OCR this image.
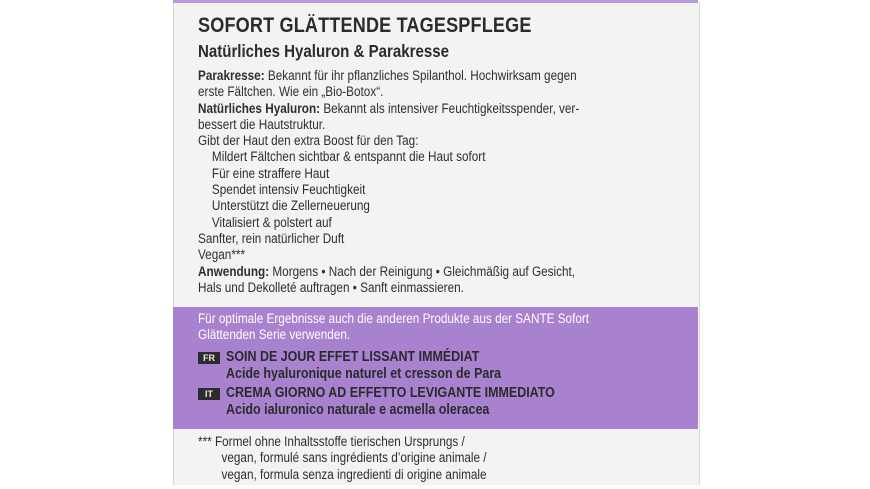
SOFORT GLÄTTENDE TAGESPFLEGE
Natürliches Hyaluron & Parakresse

Parakresse: Bekannt für ihr pflanzliches Spilanthol. Hochwirksam gegen

erste Fältchen. Wie ein „Bio-Botox“.

Natürliches Hyaluron: Bekannt als intensiver Feuchtigkeitsspender, ver-

bessert die Hautstruktur.

Gibt der Haut den extra Boost für den Tag:

Mildert Fältchen sichtbar & entspannt die Haut sofort

Für eine straffere Haut

Spendet intensiv Feuchtigkeit

Unterstützt die Zellerneuerung

Vitalisiert & polstert auf

Sanfter, rein natürlicher Duft

Vegan***

Anwendung: Morgens • Nach der Reinigung • Gleichmäßig auf Gesicht,

Hals und Dekolleté auftragen • Sanft einmassieren.

Für optimale Ergebnisse auch die anderen Produkte aus der SANTE Sofort

Glättenden Serie verwenden.

FR SOIN DE JOUR EFFET LISSANT IMMÉDIAT
Acide hyaluronique naturel et cresson de Para
IT CREMA GIORNO AD EFFETTO LEVIGANTE IMMEDIATO
Acido ialuronico naturale e acmella oleracea

*** Formel ohne Inhaltsstoffe tierischen Ursprungs /

vegan, formulé sans ingrédients d’origine animale /

vegan, formula senza ingredienti di origine animale
